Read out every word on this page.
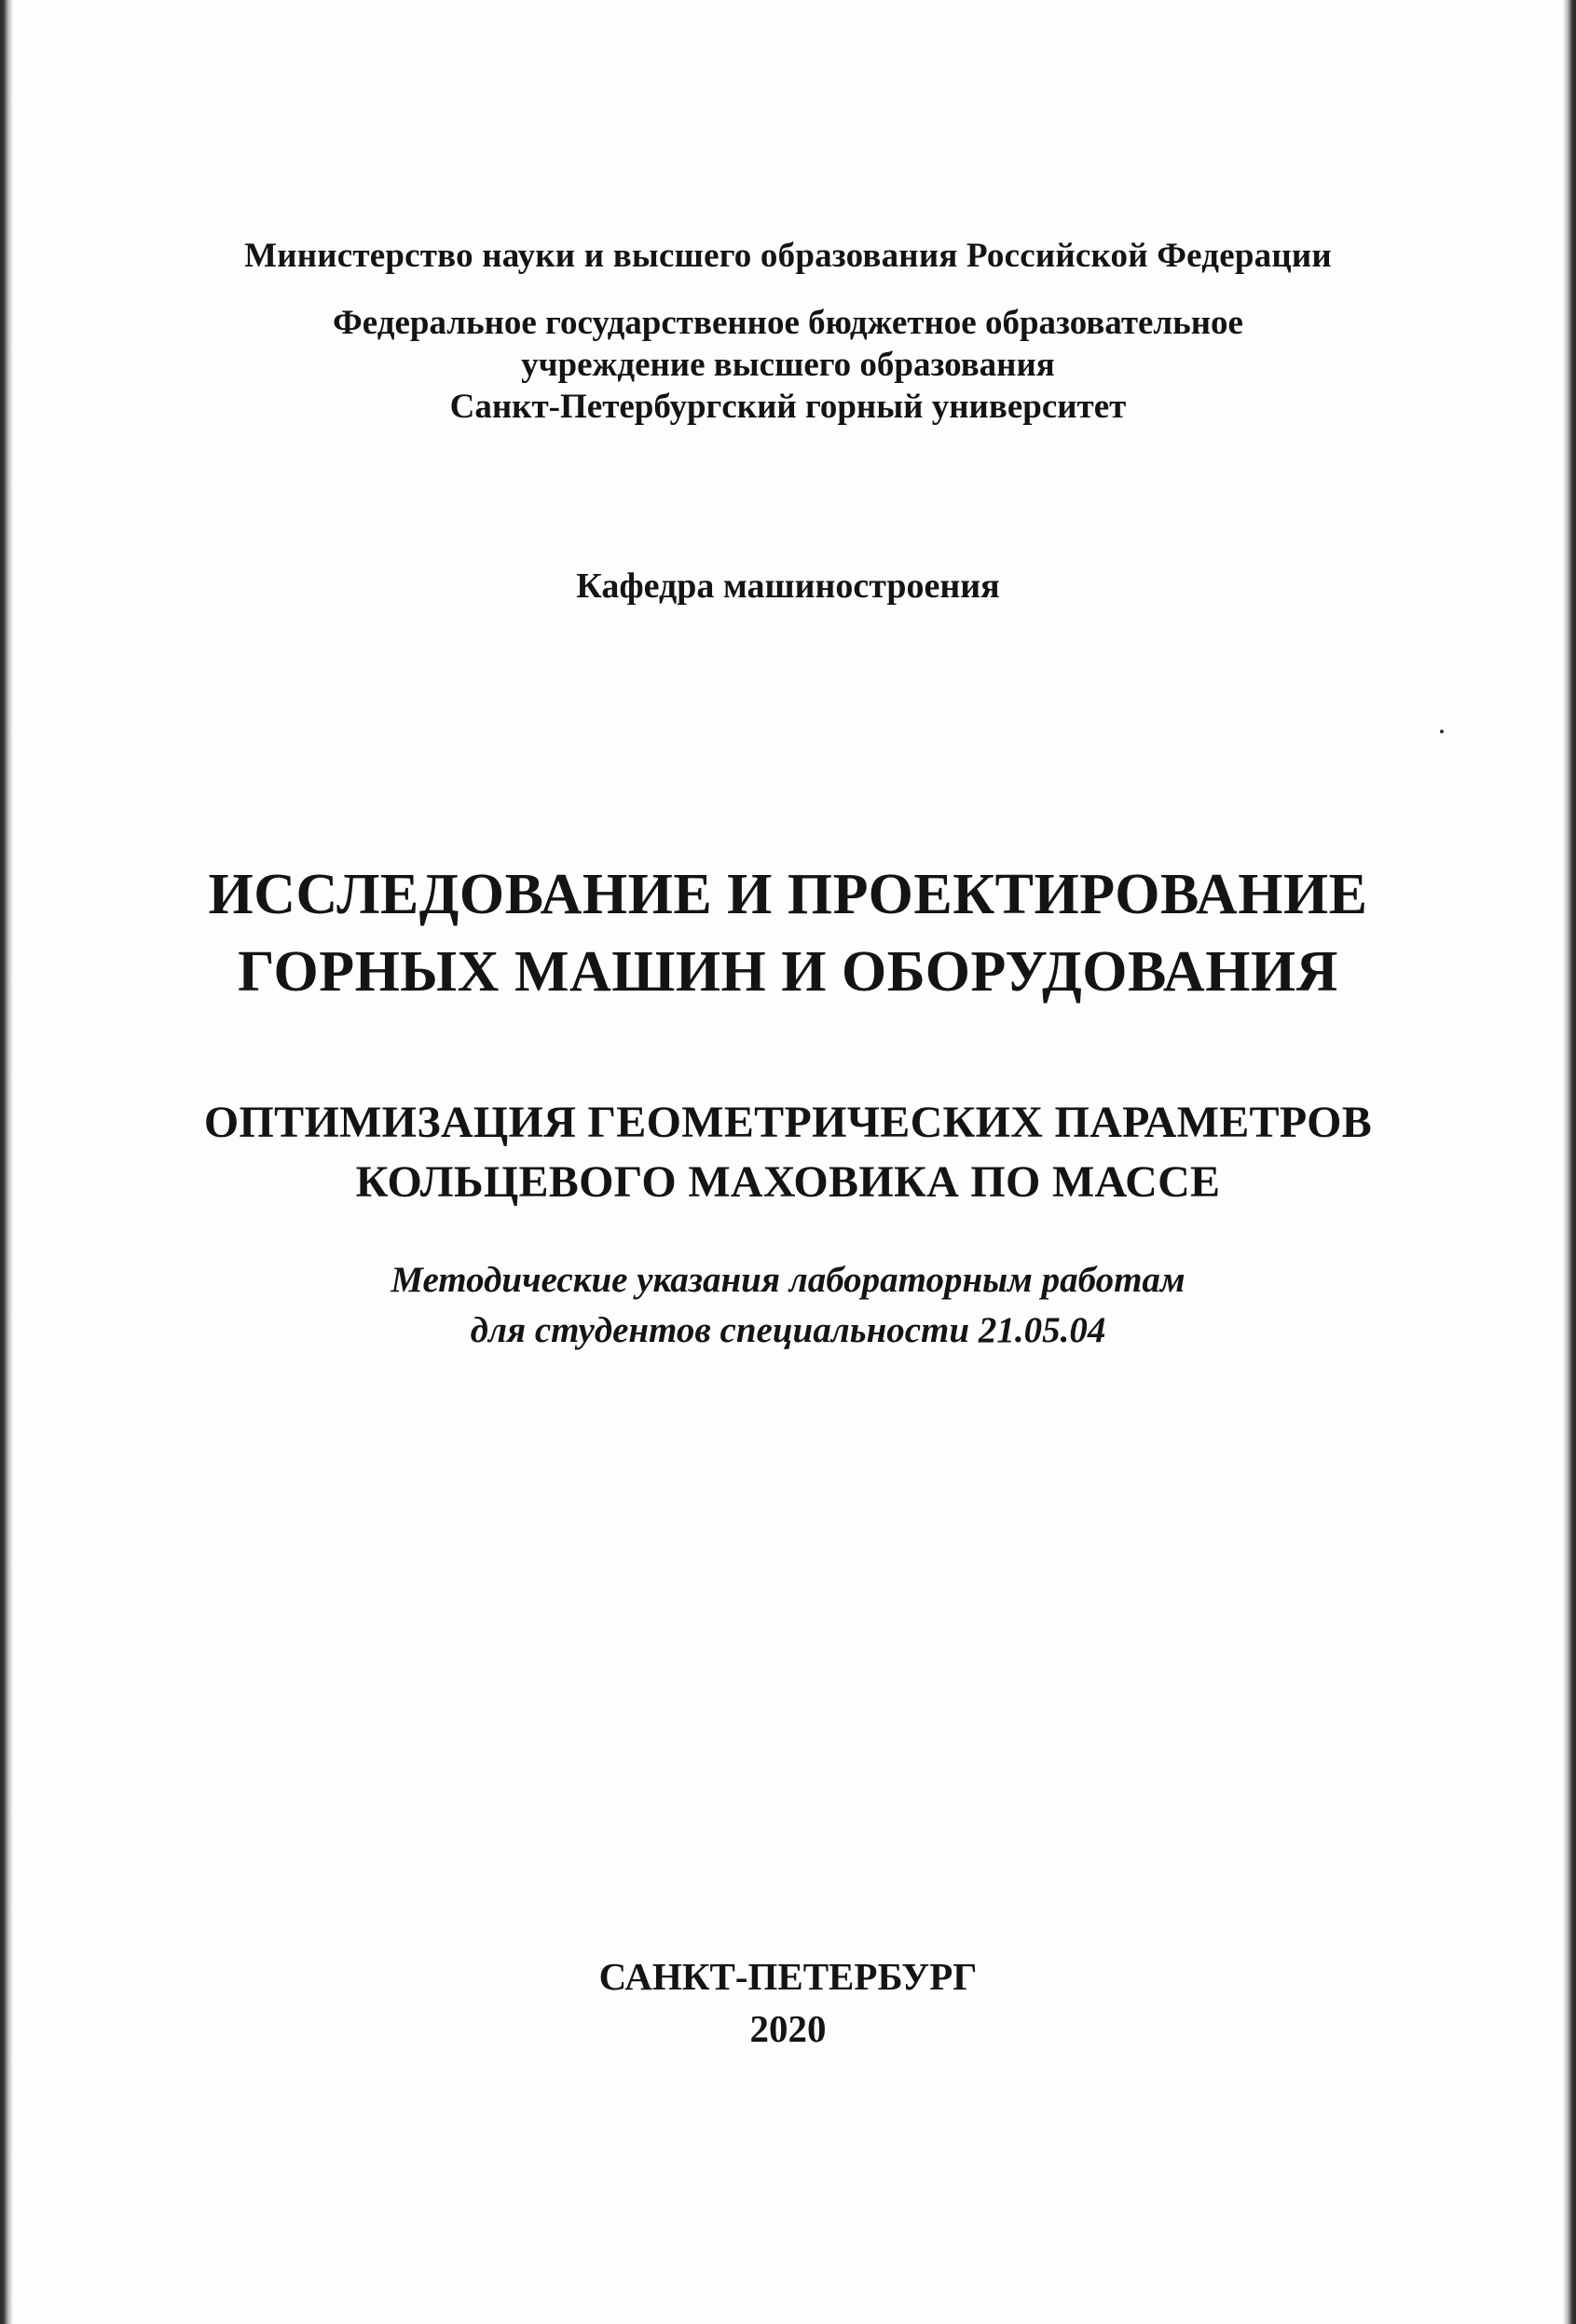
Министерство науки и высшего образования Российской Федерации
Федеральное государственное бюджетное образовательное
учреждение высшего образования
Санкт-Петербургский горный университет
Кафедра машиностроения
ИССЛЕДОВАНИЕ И ПРОЕКТИРОВАНИЕ
ГОРНЫХ МАШИН И ОБОРУДОВАНИЯ
ОПТИМИЗАЦИЯ ГЕОМЕТРИЧЕСКИХ ПАРАМЕТРОВ
КОЛЬЦЕВОГО МАХОВИКА ПО МАССЕ
Методические указания лабораторным работам
для студентов специальности 21.05.04
САНКТ-ПЕТЕРБУРГ
2020
